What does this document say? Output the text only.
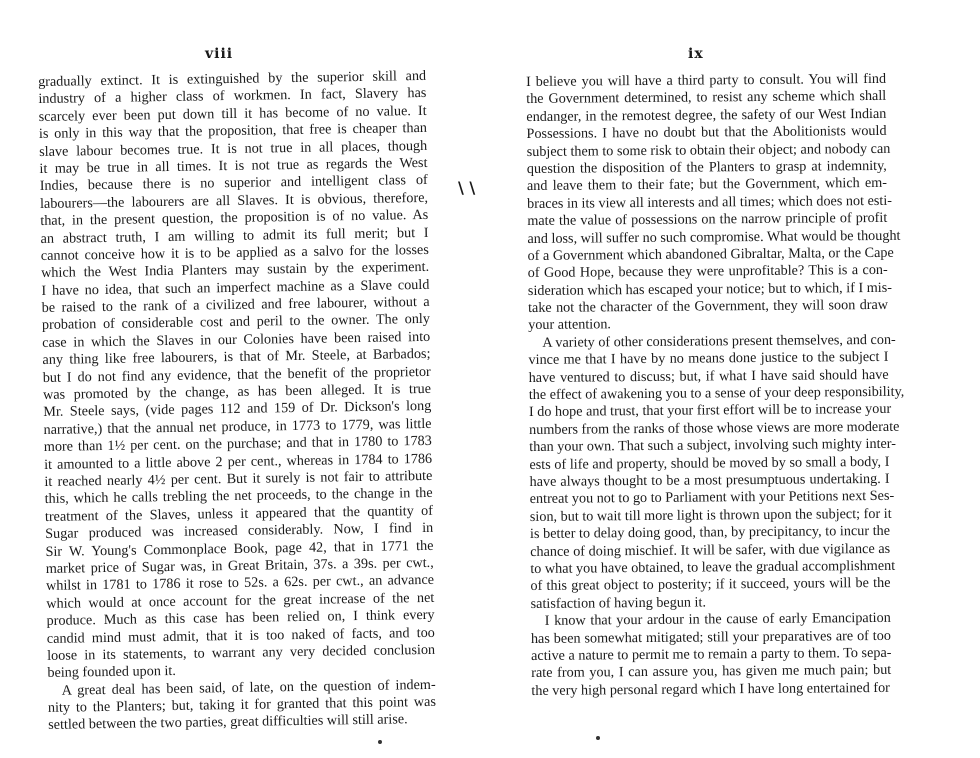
viii
gradually extinct. It is extinguished by the superior skill and
industry of a higher class of workmen. In fact, Slavery has
scarcely ever been put down till it has become of no value. It
is only in this way that the proposition, that free is cheaper than
slave labour becomes true. It is not true in all places, though
it may be true in all times. It is not true as regards the West
Indies, because there is no superior and intelligent class of
labourers—the labourers are all Slaves. It is obvious, therefore,
that, in the present question, the proposition is of no value. As
an abstract truth, I am willing to admit its full merit; but I
cannot conceive how it is to be applied as a salvo for the losses
which the West India Planters may sustain by the experiment.
I have no idea, that such an imperfect machine as a Slave could
be raised to the rank of a civilized and free labourer, without a
probation of considerable cost and peril to the owner. The only
case in which the Slaves in our Colonies have been raised into
any thing like free labourers, is that of Mr. Steele, at Barbados;
but I do not find any evidence, that the benefit of the proprietor
was promoted by the change, as has been alleged. It is true
Mr. Steele says, (vide pages 112 and 159 of Dr. Dickson's long
narrative,) that the annual net produce, in 1773 to 1779, was little
more than 1½ per cent. on the purchase; and that in 1780 to 1783
it amounted to a little above 2 per cent., whereas in 1784 to 1786
it reached nearly 4½ per cent. But it surely is not fair to attribute
this, which he calls trebling the net proceeds, to the change in the
treatment of the Slaves, unless it appeared that the quantity of
Sugar produced was increased considerably. Now, I find in
Sir W. Young's Commonplace Book, page 42, that in 1771 the
market price of Sugar was, in Great Britain, 37s. a 39s. per cwt.,
whilst in 1781 to 1786 it rose to 52s. a 62s. per cwt., an advance
which would at once account for the great increase of the net
produce. Much as this case has been relied on, I think every
candid mind must admit, that it is too naked of facts, and too
loose in its statements, to warrant any very decided conclusion
being founded upon it.
A great deal has been said, of late, on the question of indem-
nity to the Planters; but, taking it for granted that this point was
settled between the two parties, great difficulties will still arise.
\ \
ix
I believe you will have a third party to consult. You will find
the Government determined, to resist any scheme which shall
endanger, in the remotest degree, the safety of our West Indian
Possessions. I have no doubt but that the Abolitionists would
subject them to some risk to obtain their object; and nobody can
question the disposition of the Planters to grasp at indemnity,
and leave them to their fate; but the Government, which em-
braces in its view all interests and all times; which does not esti-
mate the value of possessions on the narrow principle of profit
and loss, will suffer no such compromise. What would be thought
of a Government which abandoned Gibraltar, Malta, or the Cape
of Good Hope, because they were unprofitable? This is a con-
sideration which has escaped your notice; but to which, if I mis-
take not the character of the Government, they will soon draw
your attention.
A variety of other considerations present themselves, and con-
vince me that I have by no means done justice to the subject I
have ventured to discuss; but, if what I have said should have
the effect of awakening you to a sense of your deep responsibility,
I do hope and trust, that your first effort will be to increase your
numbers from the ranks of those whose views are more moderate
than your own. That such a subject, involving such mighty inter-
ests of life and property, should be moved by so small a body, I
have always thought to be a most presumptuous undertaking. I
entreat you not to go to Parliament with your Petitions next Ses-
sion, but to wait till more light is thrown upon the subject; for it
is better to delay doing good, than, by precipitancy, to incur the
chance of doing mischief. It will be safer, with due vigilance as
to what you have obtained, to leave the gradual accomplishment
of this great object to posterity; if it succeed, yours will be the
satisfaction of having begun it.
I know that your ardour in the cause of early Emancipation
has been somewhat mitigated; still your preparatives are of too
active a nature to permit me to remain a party to them. To sepa-
rate from you, I can assure you, has given me much pain; but
the very high personal regard which I have long entertained for
